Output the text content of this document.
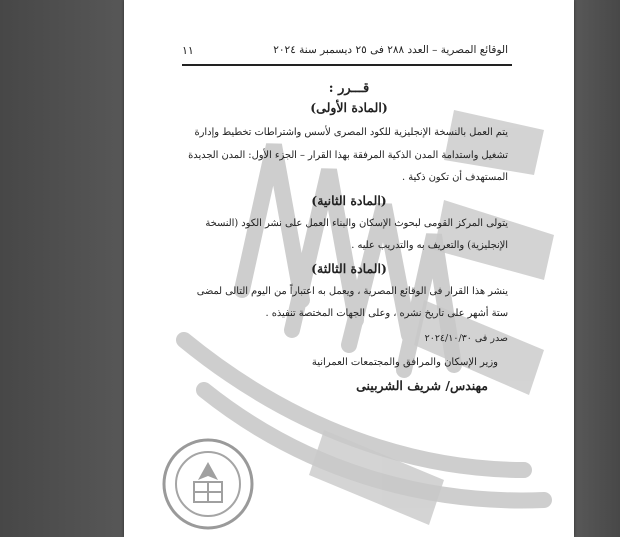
الوقائع المصرية – العدد ٢٨٨ فى ٢٥ ديسمبر سنة ٢٠٢٤
١١
قـــرر :
(المادة الأولى)
يتم العمل بالنسخة الإنجليزية للكود المصرى لأسس واشتراطات تخطيط وإدارة
تشغيل واستدامة المدن الذكية المرفقة بهذا القرار – الجزء الأول: المدن الجديدة
المستهدف أن تكون ذكية .
(المادة الثانية)
يتولى المركز القومى لبحوث الإسكان والبناء العمل على نشر الكود (النسخة
الإنجليزية) والتعريف به والتدريب عليه .
(المادة الثالثة)
ينشر هذا القرار فى الوقائع المصرية ، ويعمل به اعتباراً من اليوم التالى لمضى
ستة أشهر على تاريخ نشره ، وعلى الجهات المختصة تنفيذه .
صدر فى ٢٠٢٤/١٠/٣٠
وزير الإسكان والمرافق والمجتمعات العمرانية
مهندس/ شريف الشربينى
